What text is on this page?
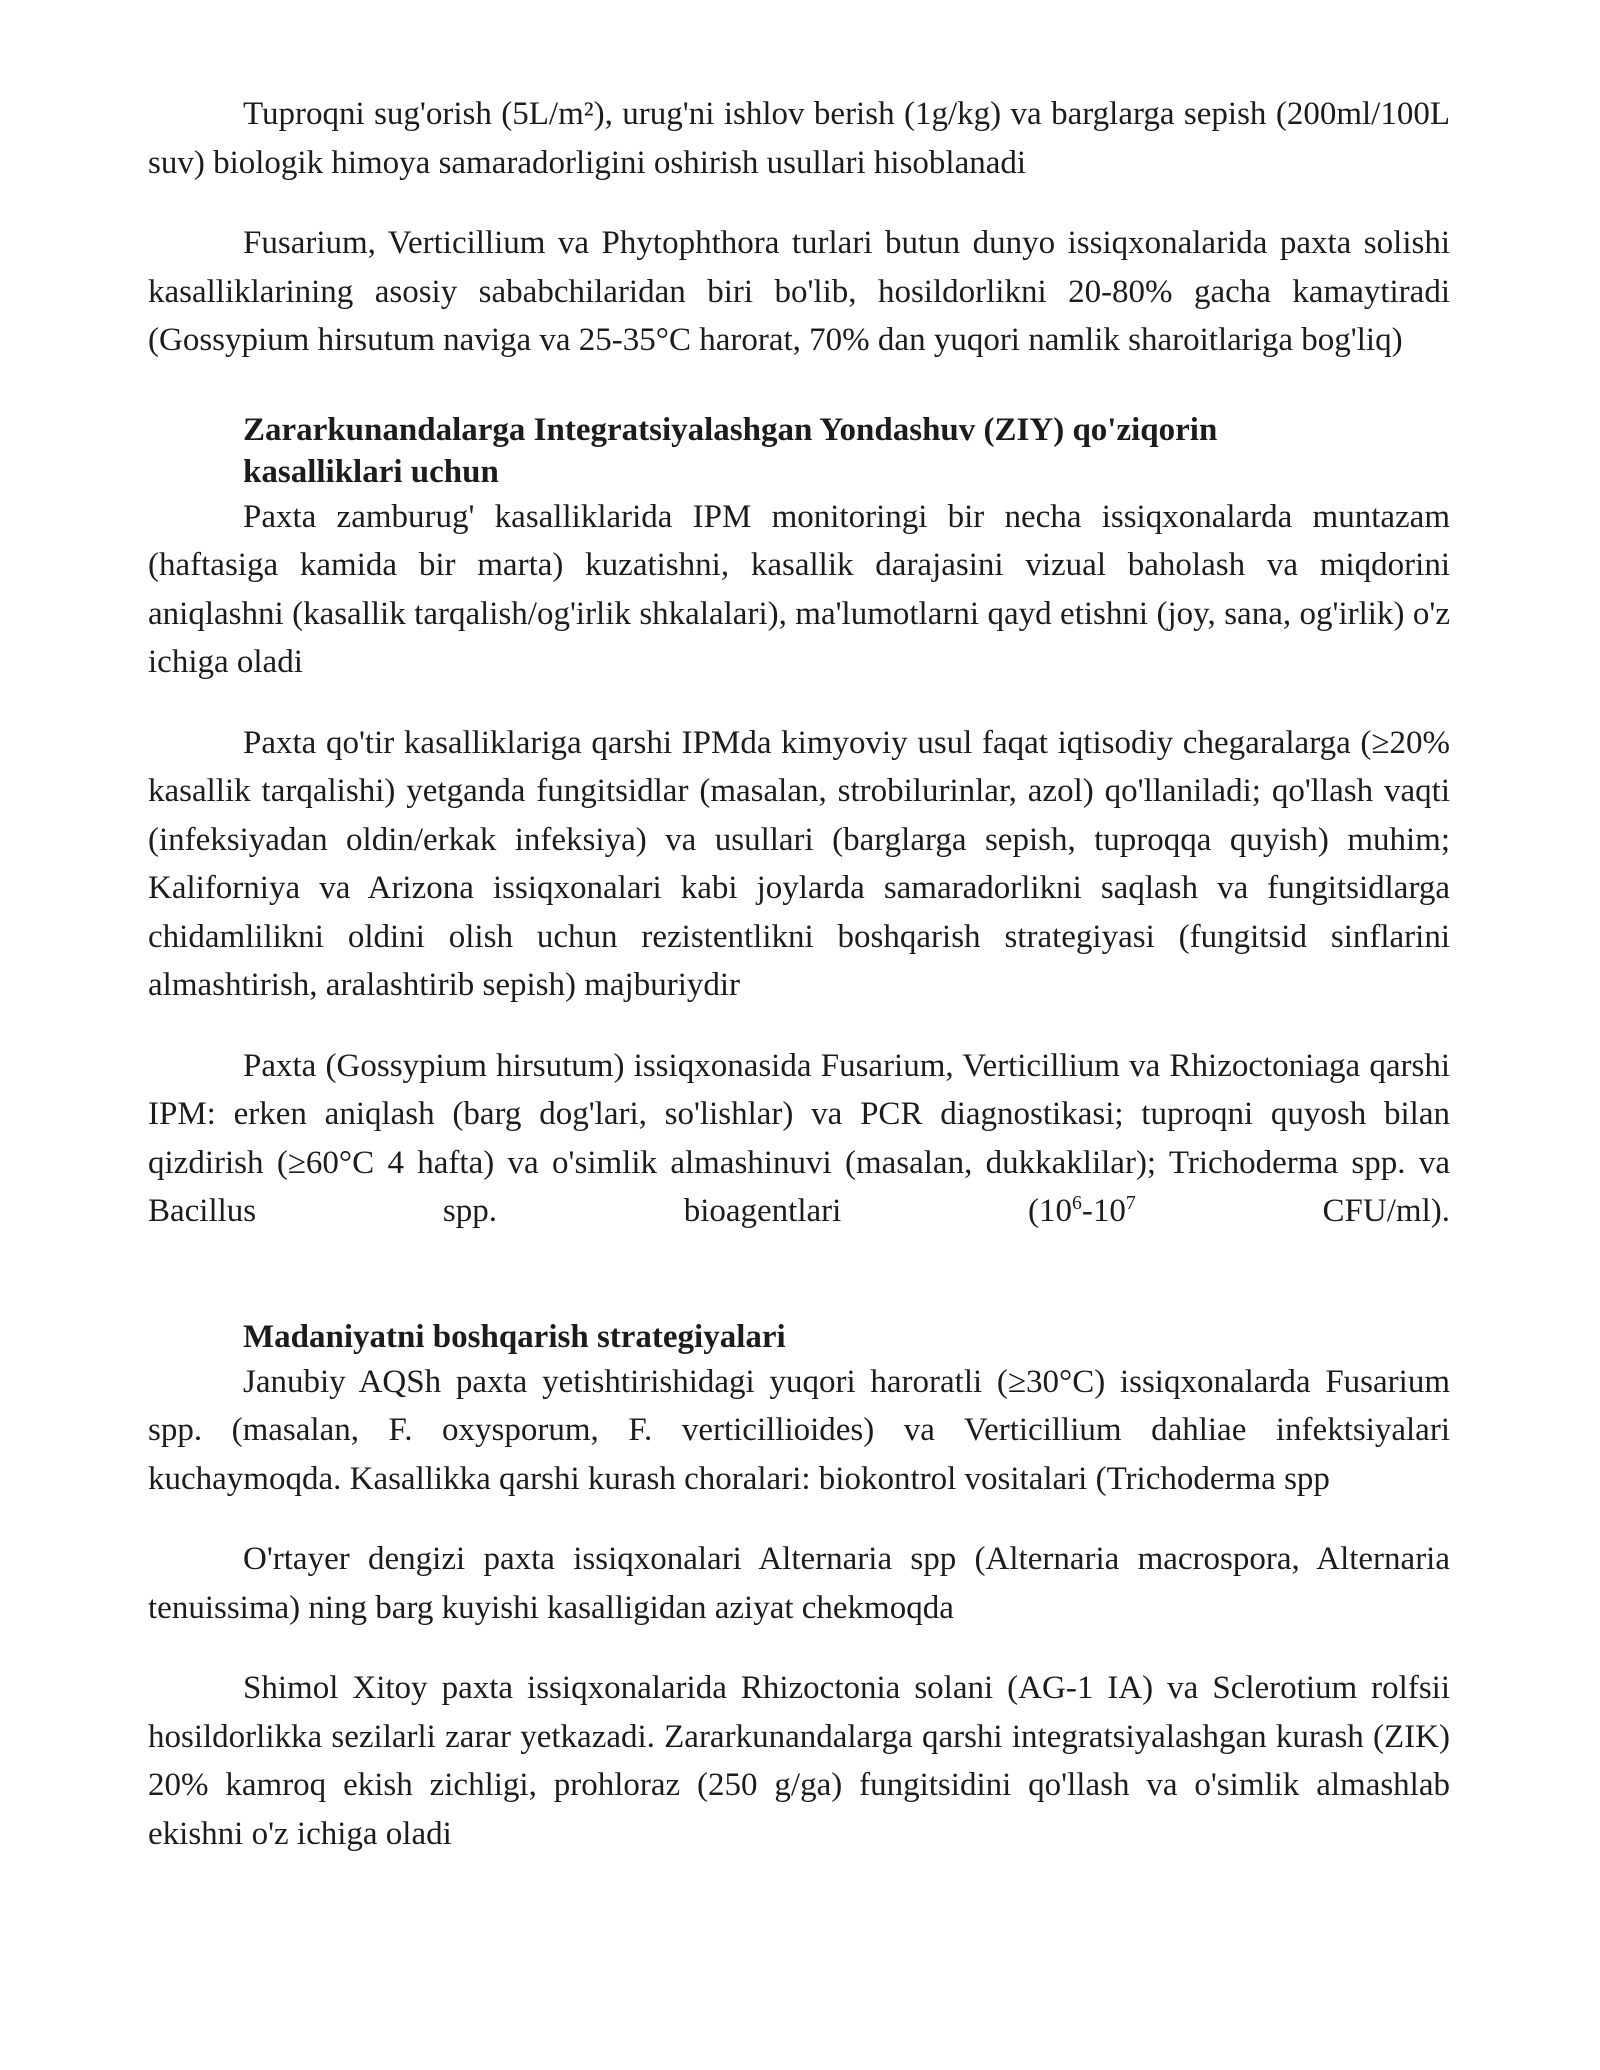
Tuproqni sug'orish (5L/m²), urug'ni ishlov berish (1g/kg) va barglarga sepish (200ml/100L suv) biologik himoya samaradorligini oshirish usullari hisoblanadi

Fusarium, Verticillium va Phytophthora turlari butun dunyo issiqxonalarida paxta solishi kasalliklarining asosiy sababchilaridan biri bo'lib, hosildorlikni 20-80% gacha kamaytiradi (Gossypium hirsutum naviga va 25-35°C harorat, 70% dan yuqori namlik sharoitlariga bog'liq)

Zararkunandalarga Integratsiyalashgan Yondashuv (ZIY) qo'ziqorin
kasalliklari uchun

Paxta zamburug' kasalliklarida IPM monitoringi bir necha issiqxonalarda muntazam (haftasiga kamida bir marta) kuzatishni, kasallik darajasini vizual baholash va miqdorini aniqlashni (kasallik tarqalish/og'irlik shkalalari), ma'lumotlarni qayd etishni (joy, sana, og'irlik) o'z ichiga oladi

Paxta qo'tir kasalliklariga qarshi IPMda kimyoviy usul faqat iqtisodiy chegaralarga (≥20% kasallik tarqalishi) yetganda fungitsidlar (masalan, strobilurinlar, azol) qo'llaniladi; qo'llash vaqti (infeksiyadan oldin/erkak infeksiya) va usullari (barglarga sepish, tuproqqa quyish) muhim; Kaliforniya va Arizona issiqxonalari kabi joylarda samaradorlikni saqlash va fungitsidlarga chidamlilikni oldini olish uchun rezistentlikni boshqarish strategiyasi (fungitsid sinflarini almashtirish, aralashtirib sepish) majburiydir

Paxta (Gossypium hirsutum) issiqxonasida Fusarium, Verticillium va Rhizoctoniaga qarshi IPM: erken aniqlash (barg dog'lari, so'lishlar) va PCR diagnostikasi; tuproqni quyosh bilan qizdirish (≥60°C 4 hafta) va o'simlik almashinuvi (masalan, dukkaklilar); Trichoderma spp. va Bacillus spp. bioagentlari ($10^6-10^7$ CFU/ml).

Madaniyatni boshqarish strategiyalari

Janubiy AQSh paxta yetishtirishidagi yuqori haroratli (≥30°C) issiqxonalarda Fusarium spp. (masalan, F. oxysporum, F. verticillioides) va Verticillium dahliae infektsiyalari kuchaymoqda. Kasallikka qarshi kurash choralari: biokontrol vositalari (Trichoderma spp

O'rtayer dengizi paxta issiqxonalari Alternaria spp (Alternaria macrospora, Alternaria tenuissima) ning barg kuyishi kasalligidan aziyat chekmoqda

Shimol Xitoy paxta issiqxonalarida Rhizoctonia solani (AG-1 IA) va Sclerotium rolfsii hosildorlikka sezilarli zarar yetkazadi. Zararkunandalarga qarshi integratsiyalashgan kurash (ZIK) 20% kamroq ekish zichligi, prohloraz (250 g/ga) fungitsidini qo'llash va o'simlik almashlab ekishni o'z ichiga oladi
